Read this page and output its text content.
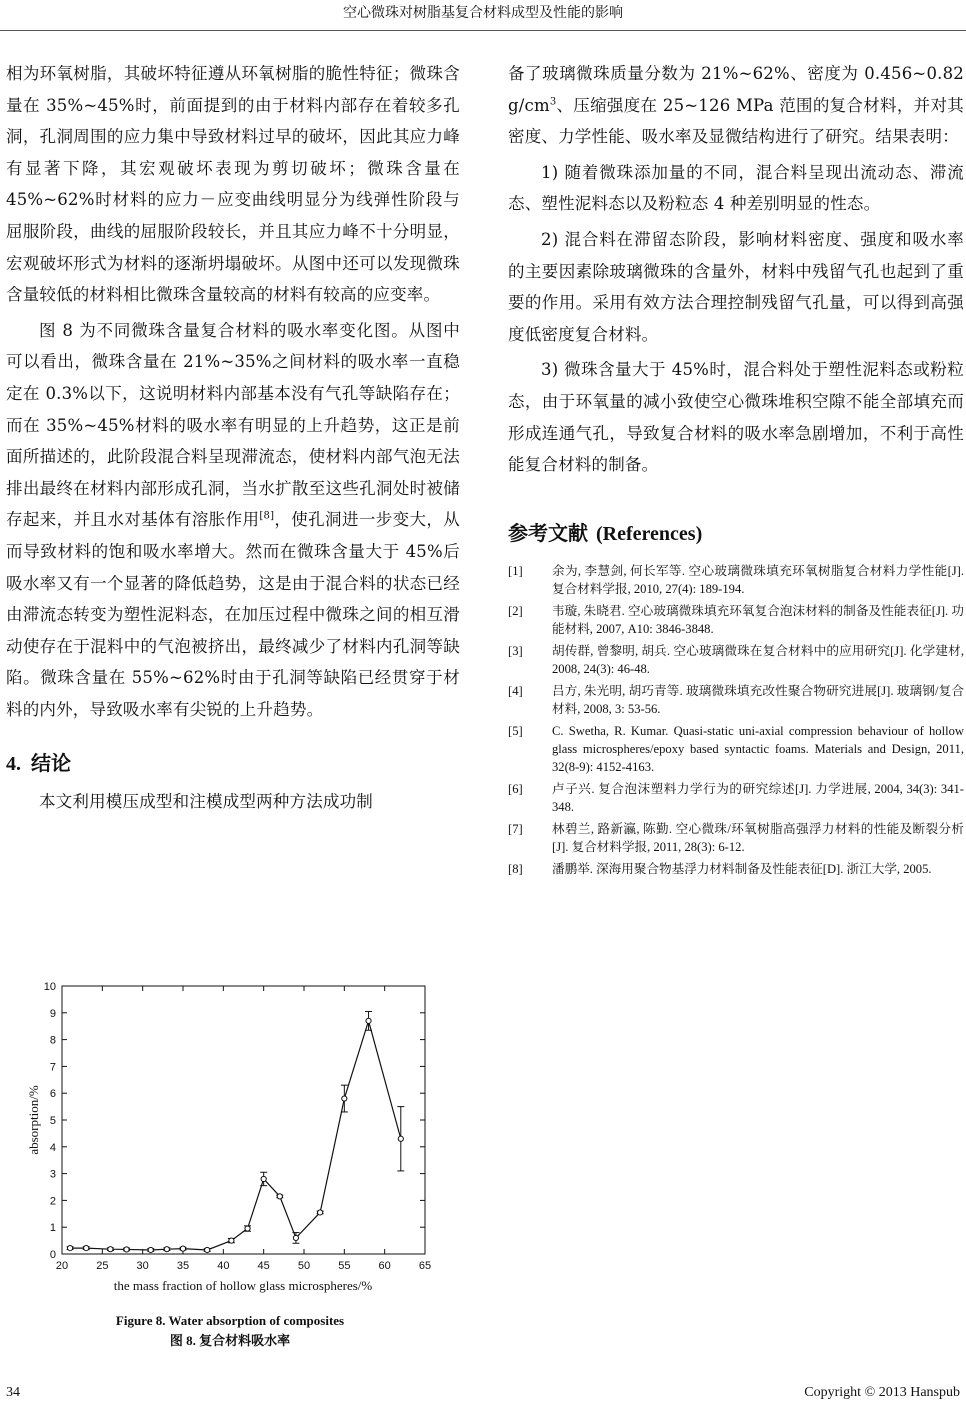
空心微珠对树脂基复合材料成型及性能的影响

相为环氧树脂，其破坏特征遵从环氧树脂的脆性特征；微珠含量在 35%~45%时，前面提到的由于材料内部存在着较多孔洞，孔洞周围的应力集中导致材料过早的破坏，因此其应力峰有显著下降，其宏观破坏表现为剪切破坏；微珠含量在 45%~62%时材料的应力－应变曲线明显分为线弹性阶段与屈服阶段，曲线的屈服阶段较长，并且其应力峰不十分明显，宏观破坏形式为材料的逐渐坍塌破坏。从图中还可以发现微珠含量较低的材料相比微珠含量较高的材料有较高的应变率。

图 8 为不同微珠含量复合材料的吸水率变化图。从图中可以看出，微珠含量在 21%~35%之间材料的吸水率一直稳定在 0.3%以下，这说明材料内部基本没有气孔等缺陷存在；而在 35%~45%材料的吸水率有明显的上升趋势，这正是前面所描述的，此阶段混合料呈现滞流态，使材料内部气泡无法排出最终在材料内部形成孔洞，当水扩散至这些孔洞处时被储存起来，并且水对基体有溶胀作用[8]，使孔洞进一步变大，从而导致材料的饱和吸水率增大。然而在微珠含量大于 45%后吸水率又有一个显著的降低趋势，这是由于混合料的状态已经由滞流态转变为塑性泥料态，在加压过程中微珠之间的相互滑动使存在于混料中的气泡被挤出，最终减少了材料内孔洞等缺陷。微珠含量在 55%~62%时由于孔洞等缺陷已经贯穿于材料的内外，导致吸水率有尖锐的上升趋势。

4. 结论

本文利用模压成型和注模成型两种方法成功制

备了玻璃微珠质量分数为 21%~62%、密度为 0.456~0.82 $g/cm^3$、压缩强度在 25~126 MPa 范围的复合材料，并对其密度、力学性能、吸水率及显微结构进行了研究。结果表明：

1) 随着微珠添加量的不同，混合料呈现出流动态、滞流态、塑性泥料态以及粉粒态 4 种差别明显的性态。

2) 混合料在滞留态阶段，影响材料密度、强度和吸水率的主要因素除玻璃微珠的含量外，材料中残留气孔也起到了重要的作用。采用有效方法合理控制残留气孔量，可以得到高强度低密度复合材料。

3) 微珠含量大于 45%时，混合料处于塑性泥料态或粉粒态，由于环氧量的减小致使空心微珠堆积空隙不能全部填充而形成连通气孔，导致复合材料的吸水率急剧增加，不利于高性能复合材料的制备。

参考文献 (References)
[1]	余为, 李慧剑, 何长军等. 空心玻璃微珠填充环氧树脂复合材料力学性能[J]. 复合材料学报, 2010, 27(4): 189-194.
[2]	韦璇, 朱晓君. 空心玻璃微珠填充环氧复合泡沫材料的制备及性能表征[J]. 功能材料, 2007, A10: 3846-3848.
[3]	胡传群, 曾黎明, 胡兵. 空心玻璃微珠在复合材料中的应用研究[J]. 化学建材, 2008, 24(3): 46-48.
[4]	吕方, 朱光明, 胡巧青等. 玻璃微珠填充改性聚合物研究进展[J]. 玻璃钢/复合材料, 2008, 3: 53-56.
[5]	C. Swetha, R. Kumar. Quasi-static uni-axial compression behaviour of hollow glass microspheres/epoxy based syntactic foams. Materials and Design, 2011, 32(8-9): 4152-4163.
[6]	卢子兴. 复合泡沫塑料力学行为的研究综述[J]. 力学进展, 2004, 34(3): 341-348.
[7]	林碧兰, 路新瀛, 陈勤. 空心微珠/环氧树脂高强浮力材料的性能及断裂分析[J]. 复合材料学报, 2011, 28(3): 6-12.
[8]	潘鹏举. 深海用聚合物基浮力材料制备及性能表征[D]. 浙江大学, 2005.
20	25	30	35	40	45	50	55	60	65
0
1
2
3
4
5
6
7
8
9
10
the mass fraction of hollow glass microspheres/%
absorption/%
Figure 8. Water absorption of composites
图 8. 复合材料吸水率
34	Copyright © 2013 Hanspub
